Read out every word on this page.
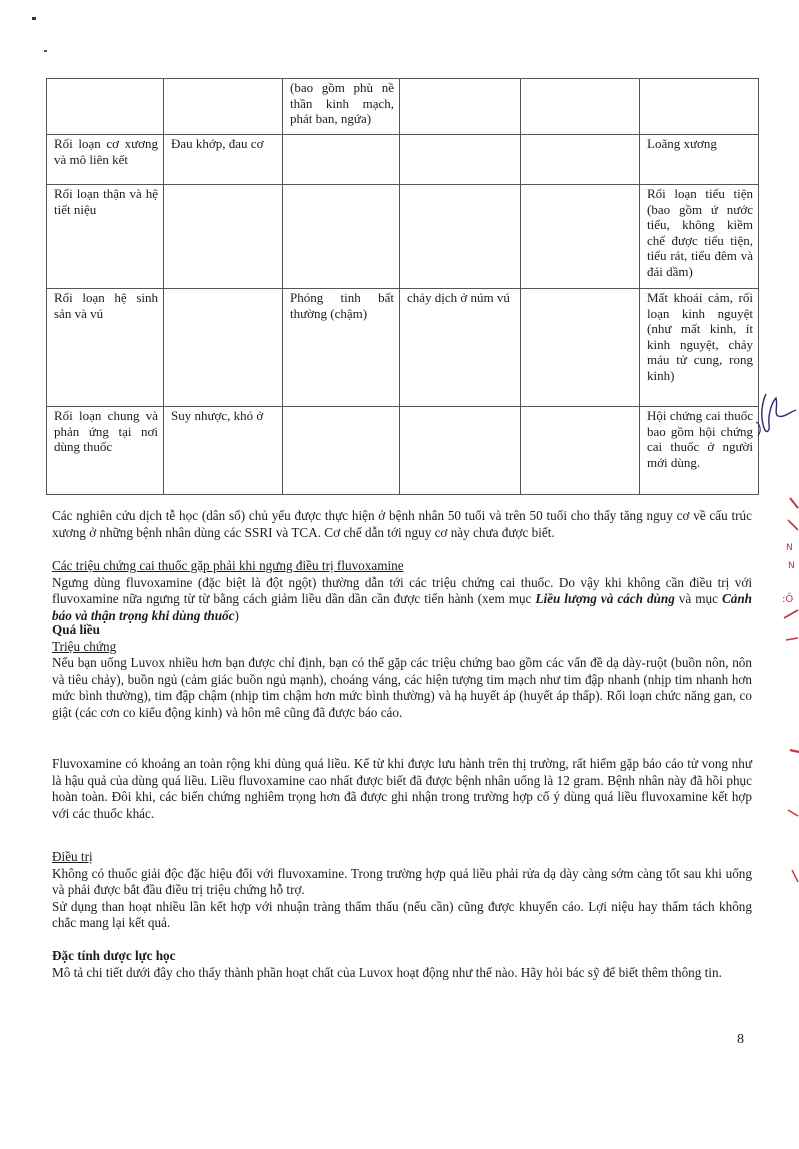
		(bao gồm phù nề thần kinh mạch, phát ban, ngứa)			
Rối loạn cơ xương và mô liên kết	Đau khớp, đau cơ				Loãng xương
Rối loạn thận và hệ tiết niệu					Rối loạn tiểu tiện (bao gồm ứ nước tiểu, không kiềm chế được tiểu tiện, tiểu rát, tiểu đêm và đái dầm)
Rối loạn hệ sinh sản và vú		Phóng tinh bất thường (chậm)	chảy dịch ở núm vú		Mất khoái cảm, rối loạn kinh nguyệt (như mất kinh, ít kinh nguyệt, chảy máu tử cung, rong kinh)
Rối loạn chung và phản ứng tại nơi dùng thuốc	Suy nhược, khó ở				Hội chứng cai thuốc bao gồm hội chứng cai thuốc ở người mới dùng.

Các nghiên cứu dịch tễ học (dân số) chủ yếu được thực hiện ở bệnh nhân 50 tuổi và trên 50 tuổi cho thấy tăng nguy cơ về cấu trúc xương ở những bệnh nhân dùng các SSRI và TCA. Cơ chế dẫn tới nguy cơ này chưa được biết.

Các triệu chứng cai thuốc gặp phải khi ngưng điều trị fluvoxamine

Ngưng dùng fluvoxamine (đặc biệt là đột ngột) thường dẫn tới các triệu chứng cai thuốc. Do vậy khi không cần điều trị với fluvoxamine nữa ngưng từ từ bằng cách giảm liều dần dần cần được tiến hành (xem mục Liều lượng và cách dùng và mục Cảnh báo và thận trọng khi dùng thuốc)

Quá liều

Triệu chứng

Nếu bạn uống Luvox nhiều hơn bạn được chỉ định, bạn có thể gặp các triệu chứng bao gồm các vấn đề dạ dày-ruột (buồn nôn, nôn và tiêu chảy), buồn ngủ (cảm giác buồn ngủ mạnh), choáng váng, các hiện tượng tim mạch như tim đập nhanh (nhịp tim nhanh hơn mức bình thường), tim đập chậm (nhịp tim chậm hơn mức bình thường) và hạ huyết áp (huyết áp thấp). Rối loạn chức năng gan, co giật (các cơn co kiểu động kinh) và hôn mê cũng đã được báo cáo.

Fluvoxamine có khoảng an toàn rộng khi dùng quá liều. Kể từ khi được lưu hành trên thị trường, rất hiếm gặp báo cáo tử vong như là hậu quả của dùng quá liều. Liều fluvoxamine cao nhất được biết đã được bệnh nhân uống là 12 gram. Bệnh nhân này đã hồi phục hoàn toàn. Đôi khi, các biến chứng nghiêm trọng hơn đã được ghi nhận trong trường hợp cố ý dùng quá liều fluvoxamine kết hợp với các thuốc khác.

Điều trị

Không có thuốc giải độc đặc hiệu đối với fluvoxamine. Trong trường hợp quá liều phải rửa dạ dày càng sớm càng tốt sau khi uống và phải được bắt đầu điều trị triệu chứng hỗ trợ.

Sử dụng than hoạt nhiều lần kết hợp với nhuận tràng thẩm thấu (nếu cần) cũng được khuyến cáo. Lợi niệu hay thẩm tách không chắc mang lại kết quả.

Đặc tính dược lực học

Mô tả chi tiết dưới đây cho thấy thành phần hoạt chất của Luvox hoạt động như thế nào. Hãy hỏi bác sỹ để biết thêm thông tin.

8
N
N
:Ô
